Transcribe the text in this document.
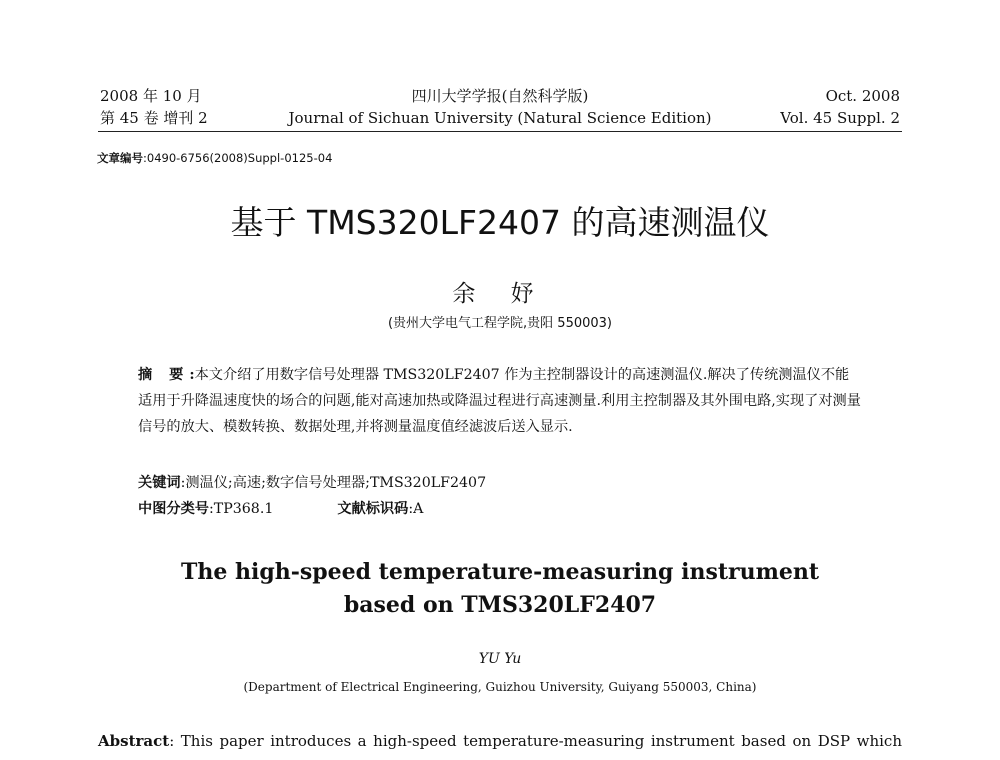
2008 年 10 月	四川大学学报(自然科学版)	Oct. 2008
第 45 卷 增刊 2	Journal of Sichuan University (Natural Science Edition)	Vol. 45 Suppl. 2
文章编号:0490-6756(2008)Suppl-0125-04
基于 TMS320LF2407 的高速测温仪
余 妤
(贵州大学电气工程学院,贵阳 550003)
摘 要:本文介绍了用数字信号处理器 TMS320LF2407 作为主控制器设计的高速测温仪.解决了传统测温仪不能适用于升降温速度快的场合的问题,能对高速加热或降温过程进行高速测量.利用主控制器及其外围电路,实现了对测量信号的放大、模数转换、数据处理,并将测量温度值经滤波后送入显示.
关键词:测温仪;高速;数字信号处理器;TMS320LF2407
中图分类号:TP368.1	文献标识码:A
The high-speed temperature-measuring instrument
based on TMS320LF2407
YU Yu
(Department of Electrical Engineering, Guizhou University, Guiyang 550003, China)
Abstract: This paper introduces a high-speed temperature-measuring instrument based on DSP which
